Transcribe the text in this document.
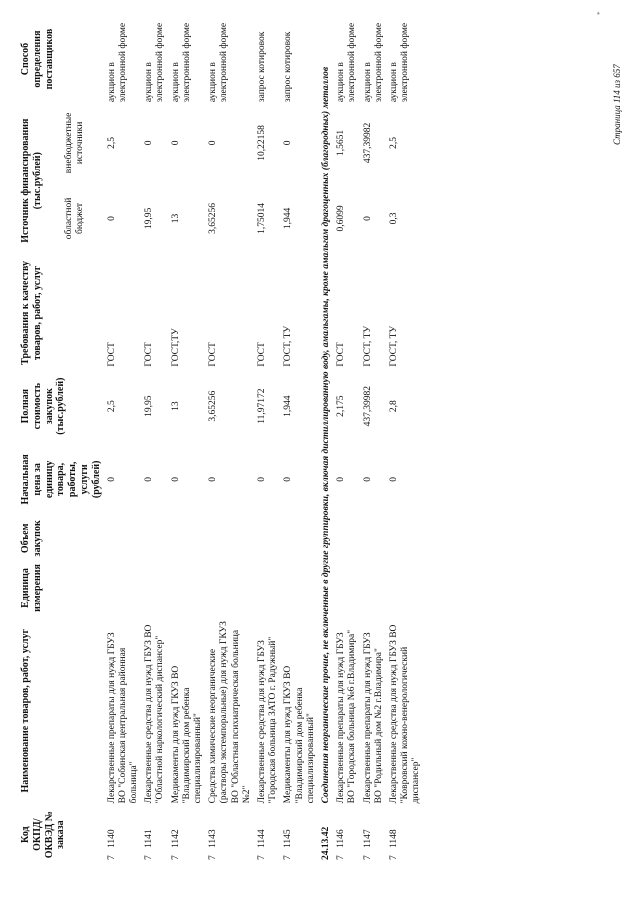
Код ОКПД/ ОКВЭД № заказа	Наименование товаров, работ, услуг	Единица измерения	Объем закупок	Начальная цена за единицу товара, работы, услуги (рублей)	Полная стоимость закупок (тыс.рублей)	Требования к качеству товаров, работ, услуг	Источник финансирования (тыс.рублей)		Способ определения поставщиков
							областной бюджет	внебюджетные источники	
71140	Лекарственные препараты для нужд ГБУЗ ВО "Собинская центральная районная больница"			0	2,5	ГОСТ	0	2,5	аукцион в электронной форме
71141	Лекарственные средства для нужд ГБУЗ ВО "Областной наркологический диспансер"			0	19,95	ГОСТ	19,95	0	аукцион в электронной форме
71142	Медикаменты для нужд ГКУЗ ВО "Владимирский дом ребенка специализированный"			0	13	ГОСТ,ТУ	13	0	аукцион в электронной форме
71143	Средства химические неорганические (растворы экстемпоральные) для нужд ГКУЗ ВО "Областная психиатрическая больница №2"			0	3,65256	ГОСТ	3,65256	0	аукцион в электронной форме
71144	Лекарственные средства для нужд ГБУЗ "Городская больница ЗАТО г. Радужный"			0	11,97172	ГОСТ	1,75014	10,22158	запрос котировок
71145	Медикаменты для нужд ГКУЗ ВО "Владимирский дом ребенка специализированный"			0	1,944	ГОСТ, ТУ	1,944	0	запрос котировок
24.13.42	Соединения неорганические прочие, не включенные в другие группировки, включая дистиллированную воду, амальгамы, кроме амальгам драгоценных (благородных) металлов								
71146	Лекарственные препараты для нужд ГБУЗ ВО "Городская больница №6 г.Владимира"			0	2,175	ГОСТ	0,6099	1,5651	аукцион в электронной форме
71147	Лекарственные препараты для нужд ГБУЗ ВО "Родильный дом №2 г.Владимира"			0	437,39982	ГОСТ, ТУ	0	437,39982	аукцион в электронной форме
71148	Лекарственные средства для нужд ГБУЗ ВО "Ковровский кожно-венерологический диспансер"			0	2,8	ГОСТ, ТУ	0,3	2,5	аукцион в электронной форме
Страница 114 из 657
*
